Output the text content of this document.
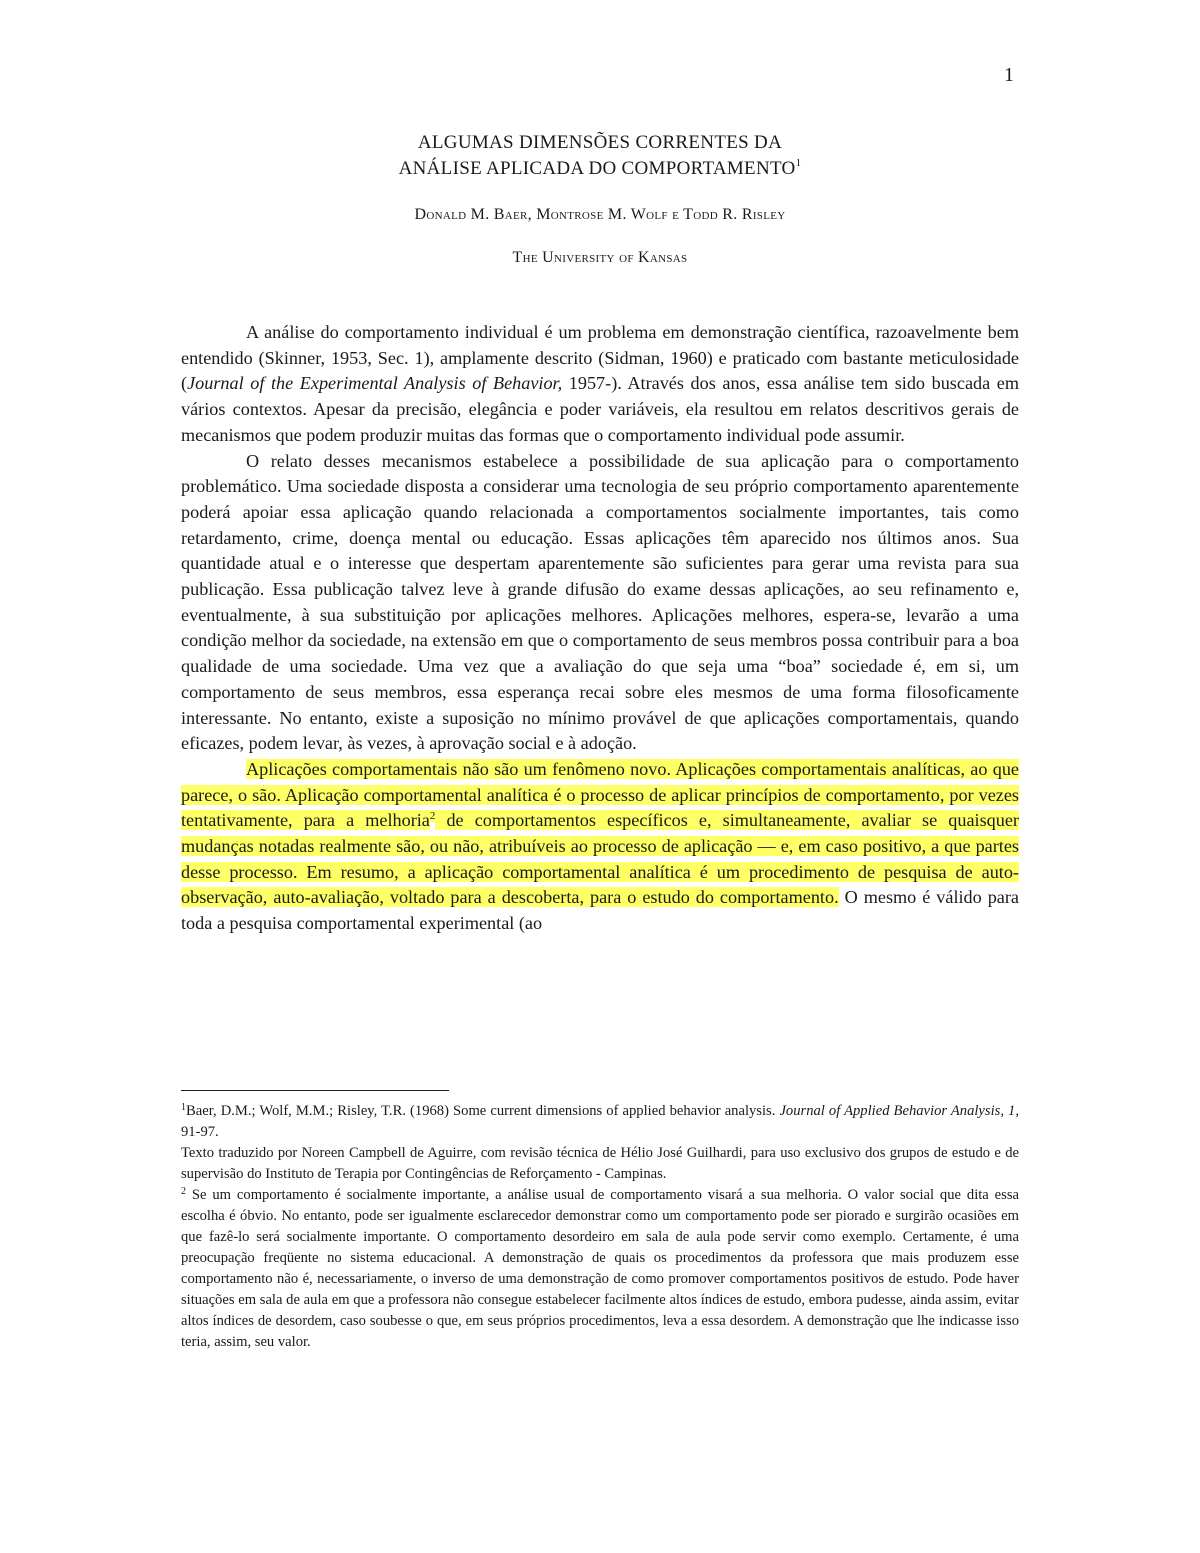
1
ALGUMAS DIMENSÕES CORRENTES DA
ANÁLISE APLICADA DO COMPORTAMENTO$^1$
Donald M. Baer, Montrose M. Wolf e Todd R. Risley
The University of Kansas

A análise do comportamento individual é um problema em demonstração científica, razoavelmente bem entendido (Skinner, 1953, Sec. 1), amplamente descrito (Sidman, 1960) e praticado com bastante meticulosidade (Journal of the Experimental Analysis of Behavior, 1957-). Através dos anos, essa análise tem sido buscada em vários contextos. Apesar da precisão, elegância e poder variáveis, ela resultou em relatos descritivos gerais de mecanismos que podem produzir muitas das formas que o comportamento individual pode assumir.

O relato desses mecanismos estabelece a possibilidade de sua aplicação para o comportamento problemático. Uma sociedade disposta a considerar uma tecnologia de seu próprio comportamento aparentemente poderá apoiar essa aplicação quando relacionada a comportamentos socialmente importantes, tais como retardamento, crime, doença mental ou educação. Essas aplicações têm aparecido nos últimos anos. Sua quantidade atual e o interesse que despertam aparentemente são suficientes para gerar uma revista para sua publicação. Essa publicação talvez leve à grande difusão do exame dessas aplicações, ao seu refinamento e, eventualmente, à sua substituição por aplicações melhores. Aplicações melhores, espera-se, levarão a uma condição melhor da sociedade, na extensão em que o comportamento de seus membros possa contribuir para a boa qualidade de uma sociedade. Uma vez que a avaliação do que seja uma “boa” sociedade é, em si, um comportamento de seus membros, essa esperança recai sobre eles mesmos de uma forma filosoficamente interessante. No entanto, existe a suposição no mínimo provável de que aplicações comportamentais, quando eficazes, podem levar, às vezes, à aprovação social e à adoção.

Aplicações comportamentais não são um fenômeno novo. Aplicações comportamentais analíticas, ao que parece, o são. Aplicação comportamental analítica é o processo de aplicar princípios de comportamento, por vezes tentativamente, para a melhoria$^2$ de comportamentos específicos e, simultaneamente, avaliar se quaisquer mudanças notadas realmente são, ou não, atribuíveis ao processo de aplicação — e, em caso positivo, a que partes desse processo. Em resumo, a aplicação comportamental analítica é um procedimento de pesquisa de auto-observação, auto-avaliação, voltado para a descoberta, para o estudo do comportamento. O mesmo é válido para toda a pesquisa comportamental experimental (ao

$^1$Baer, D.M.; Wolf, M.M.; Risley, T.R. (1968) Some current dimensions of applied behavior analysis. Journal of Applied Behavior Analysis, 1, 91-97.

Texto traduzido por Noreen Campbell de Aguirre, com revisão técnica de Hélio José Guilhardi, para uso exclusivo dos grupos de estudo e de supervisão do Instituto de Terapia por Contingências de Reforçamento - Campinas.

$^2$ Se um comportamento é socialmente importante, a análise usual de comportamento visará a sua melhoria. O valor social que dita essa escolha é óbvio. No entanto, pode ser igualmente esclarecedor demonstrar como um comportamento pode ser piorado e surgirão ocasiões em que fazê-lo será socialmente importante. O comportamento desordeiro em sala de aula pode servir como exemplo. Certamente, é uma preocupação freqüente no sistema educacional. A demonstração de quais os procedimentos da professora que mais produzem esse comportamento não é, necessariamente, o inverso de uma demonstração de como promover comportamentos positivos de estudo. Pode haver situações em sala de aula em que a professora não consegue estabelecer facilmente altos índices de estudo, embora pudesse, ainda assim, evitar altos índices de desordem, caso soubesse o que, em seus próprios procedimentos, leva a essa desordem. A demonstração que lhe indicasse isso teria, assim, seu valor.
